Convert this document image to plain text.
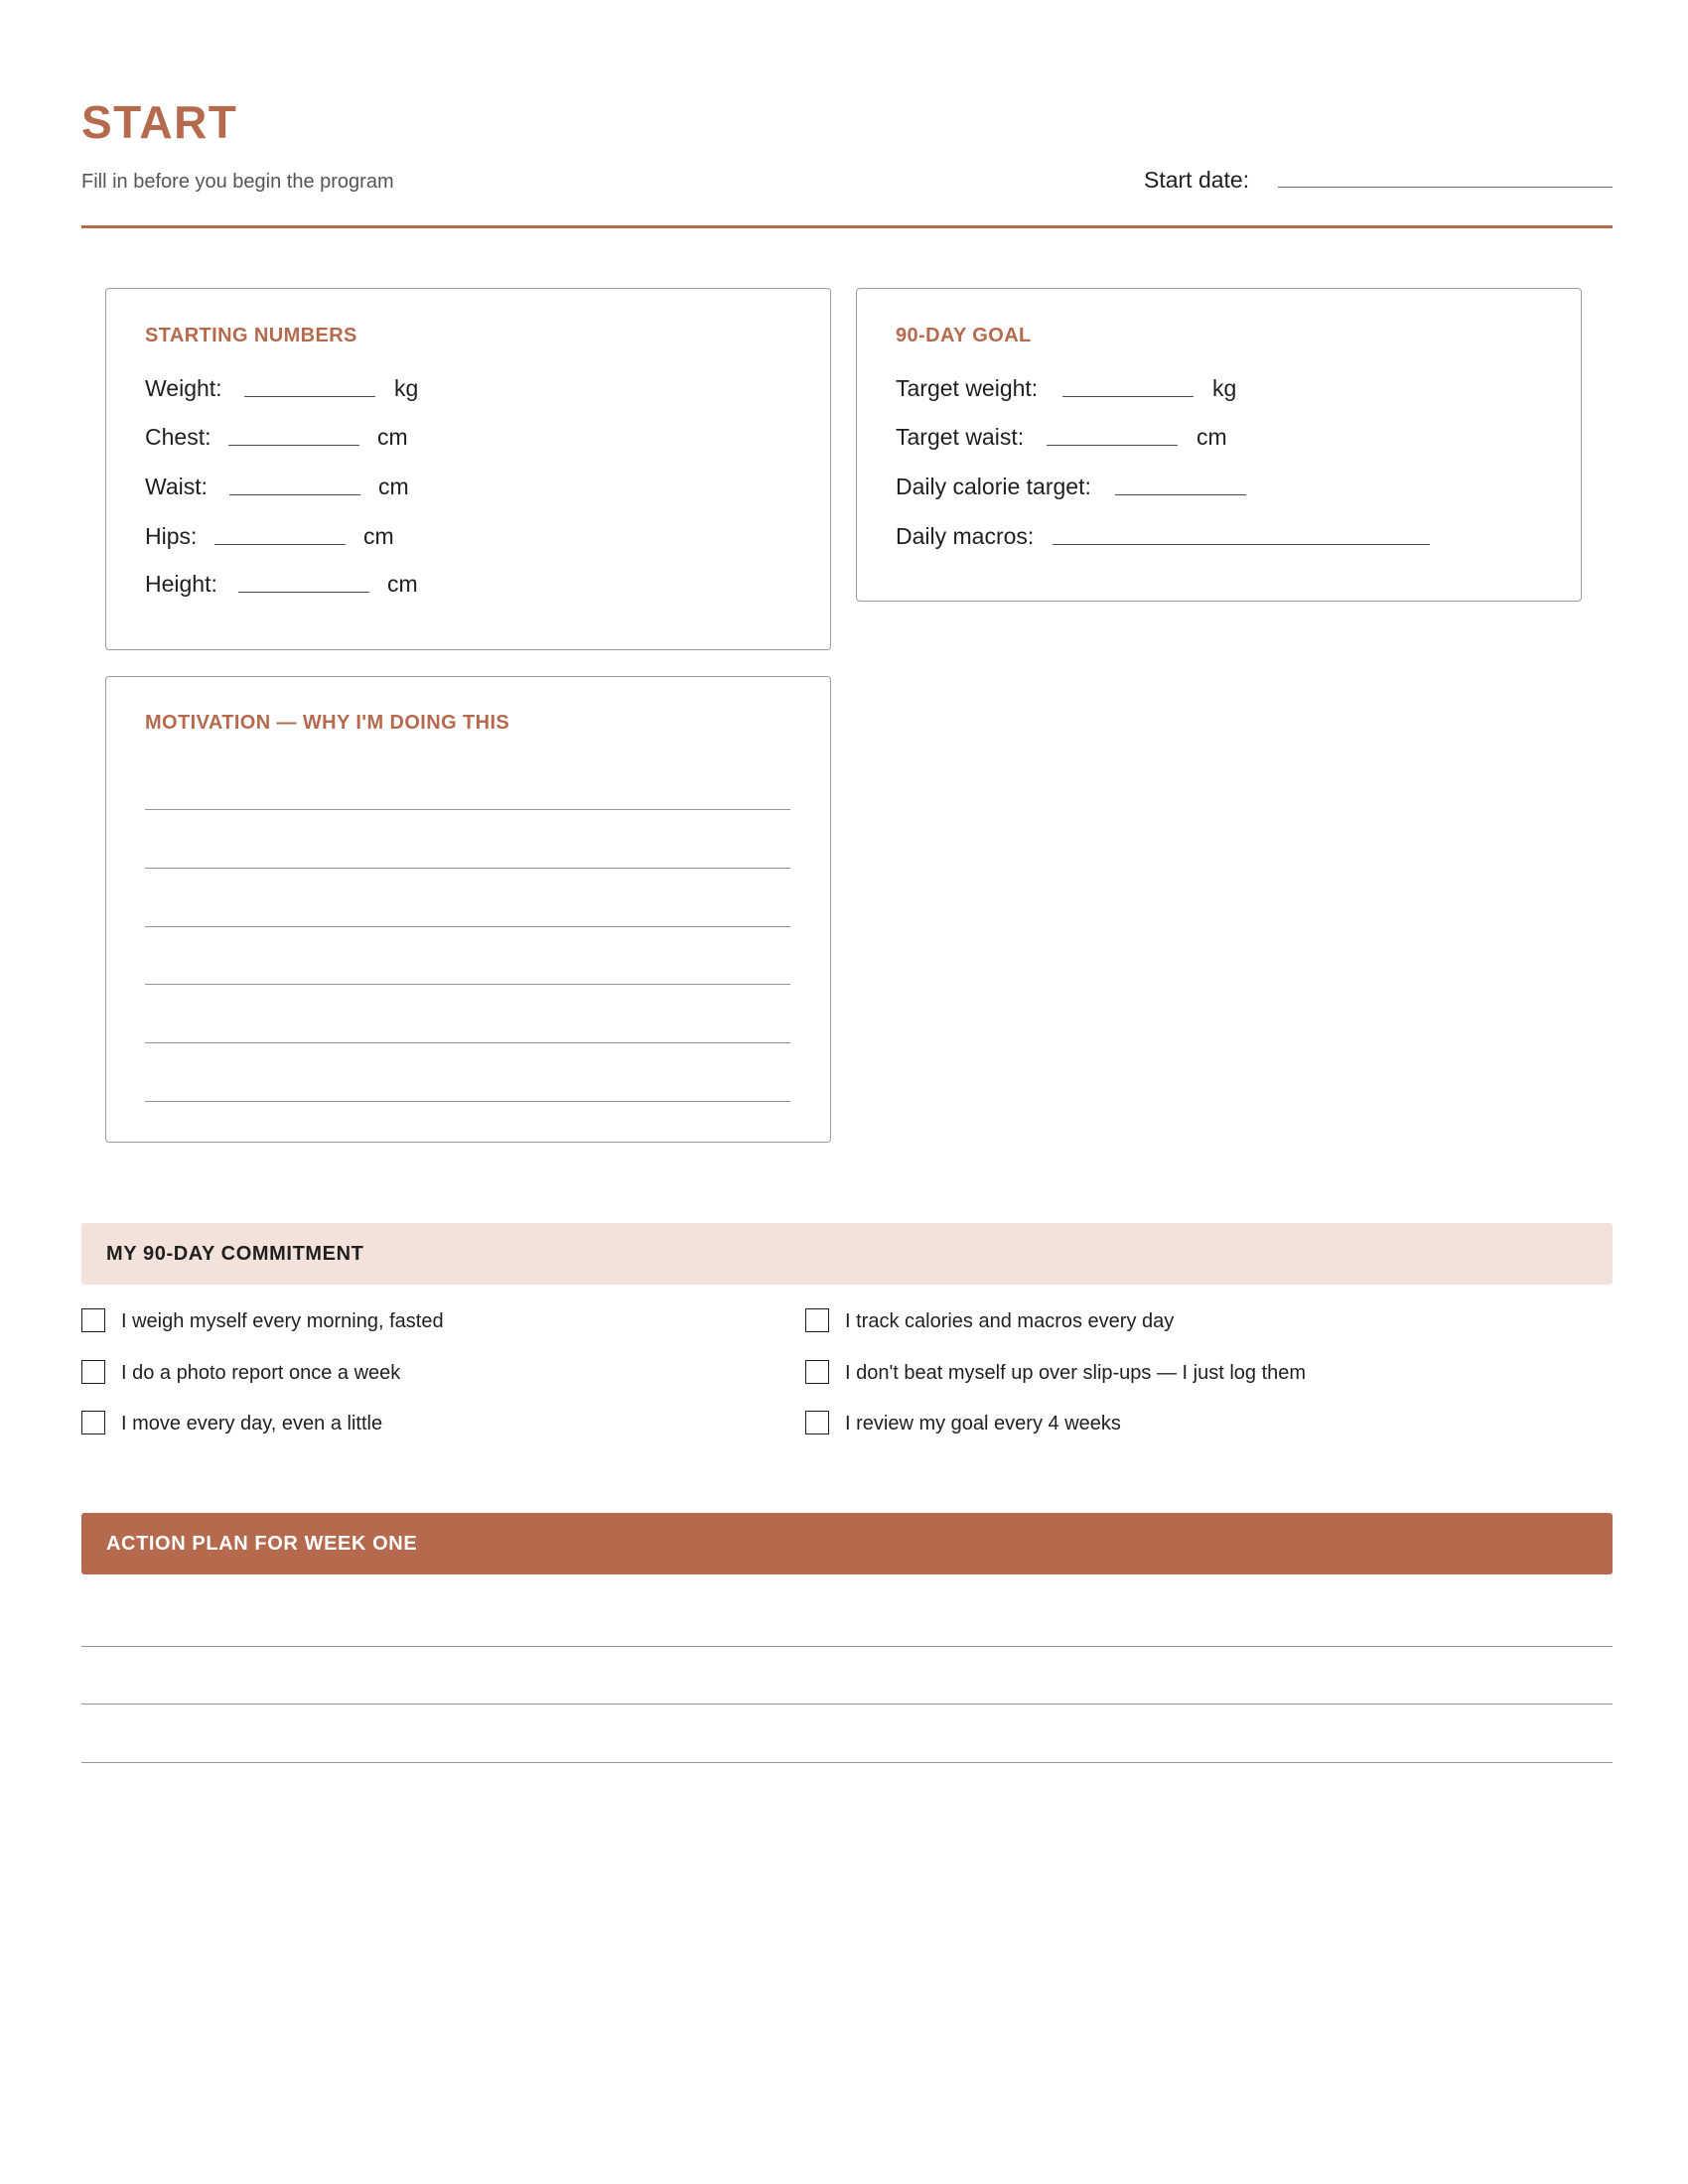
START
Fill in before you begin the program	Start date:
STARTING NUMBERS
Weight:	kg
Chest:	cm
Waist:	cm
Hips:	cm
Height:	cm
90-DAY GOAL
Target weight:	kg
Target waist:	cm
Daily calorie target:
Daily macros:
MOTIVATION — WHY I'M DOING THIS
MY 90-DAY COMMITMENT
I weigh myself every morning, fasted	I track calories and macros every day
I do a photo report once a week	I don't beat myself up over slip-ups — I just log them
I move every day, even a little	I review my goal every 4 weeks
ACTION PLAN FOR WEEK ONE
